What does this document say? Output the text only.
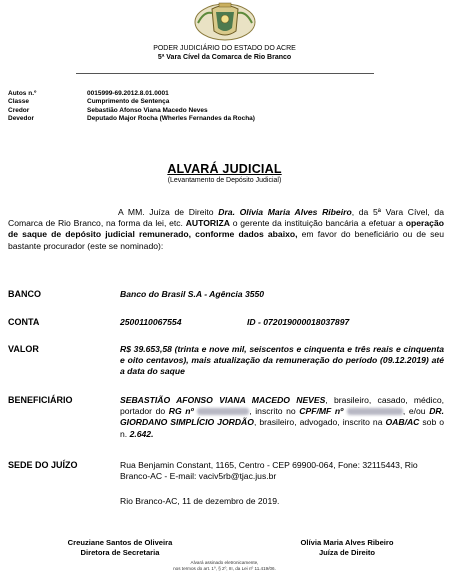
PODER JUDICIÁRIO DO ESTADO DO ACRE
5ª Vara Cível da Comarca de Rio Branco
Autos n.º	0015999-69.2012.8.01.0001
Classe	Cumprimento de Sentença
Credor	Sebastião Afonso Viana Macedo Neves
Devedor	Deputado Major Rocha (Wherles Fernandes da Rocha)
ALVARÁ JUDICIAL
(Levantamento de Depósito Judicial)
A MM. Juíza de Direito Dra. Olívia Maria Alves Ribeiro, da 5ª Vara Cível, da Comarca de Rio Branco, na forma da lei, etc. AUTORIZA o gerente da instituição bancária a efetuar a operação de saque de depósito judicial remunerado, conforme dados abaixo, em favor do beneficiário ou de seu bastante procurador (este se nominado):
BANCO	Banco do Brasil S.A - Agência 3550
CONTA	2500110067554	ID - 072019000018037897
VALOR	R$ 39.653,58 (trinta e nove mil, seiscentos e cinquenta e três reais e cinquenta e oito centavos), mais atualização da remuneração do período (09.12.2019) até a data do saque
BENEFICIÁRIO	SEBASTIÃO AFONSO VIANA MACEDO NEVES, brasileiro, casado, médico, portador do RG nº	, inscrito no CPF/MF nº	, e/ou DR. GIORDANO SIMPLÍCIO JORDÃO, brasileiro, advogado, inscrito na OAB/AC sob o n. 2.642.
SEDE DO JUÍZO	Rua Benjamin Constant, 1165, Centro - CEP 69900-064, Fone: 32115443, Rio Branco-AC - E-mail: vaciv5rb@tjac.jus.br
Rio Branco-AC, 11 de dezembro de 2019.
Creuziane Santos de Oliveira
Diretora de Secretaria
Olívia Maria Alves Ribeiro
Juíza de Direito
Alvará assinado eletronicamente,
nos termos do art. 1º, § 2º, III, da Lei nº 11.419/06.
